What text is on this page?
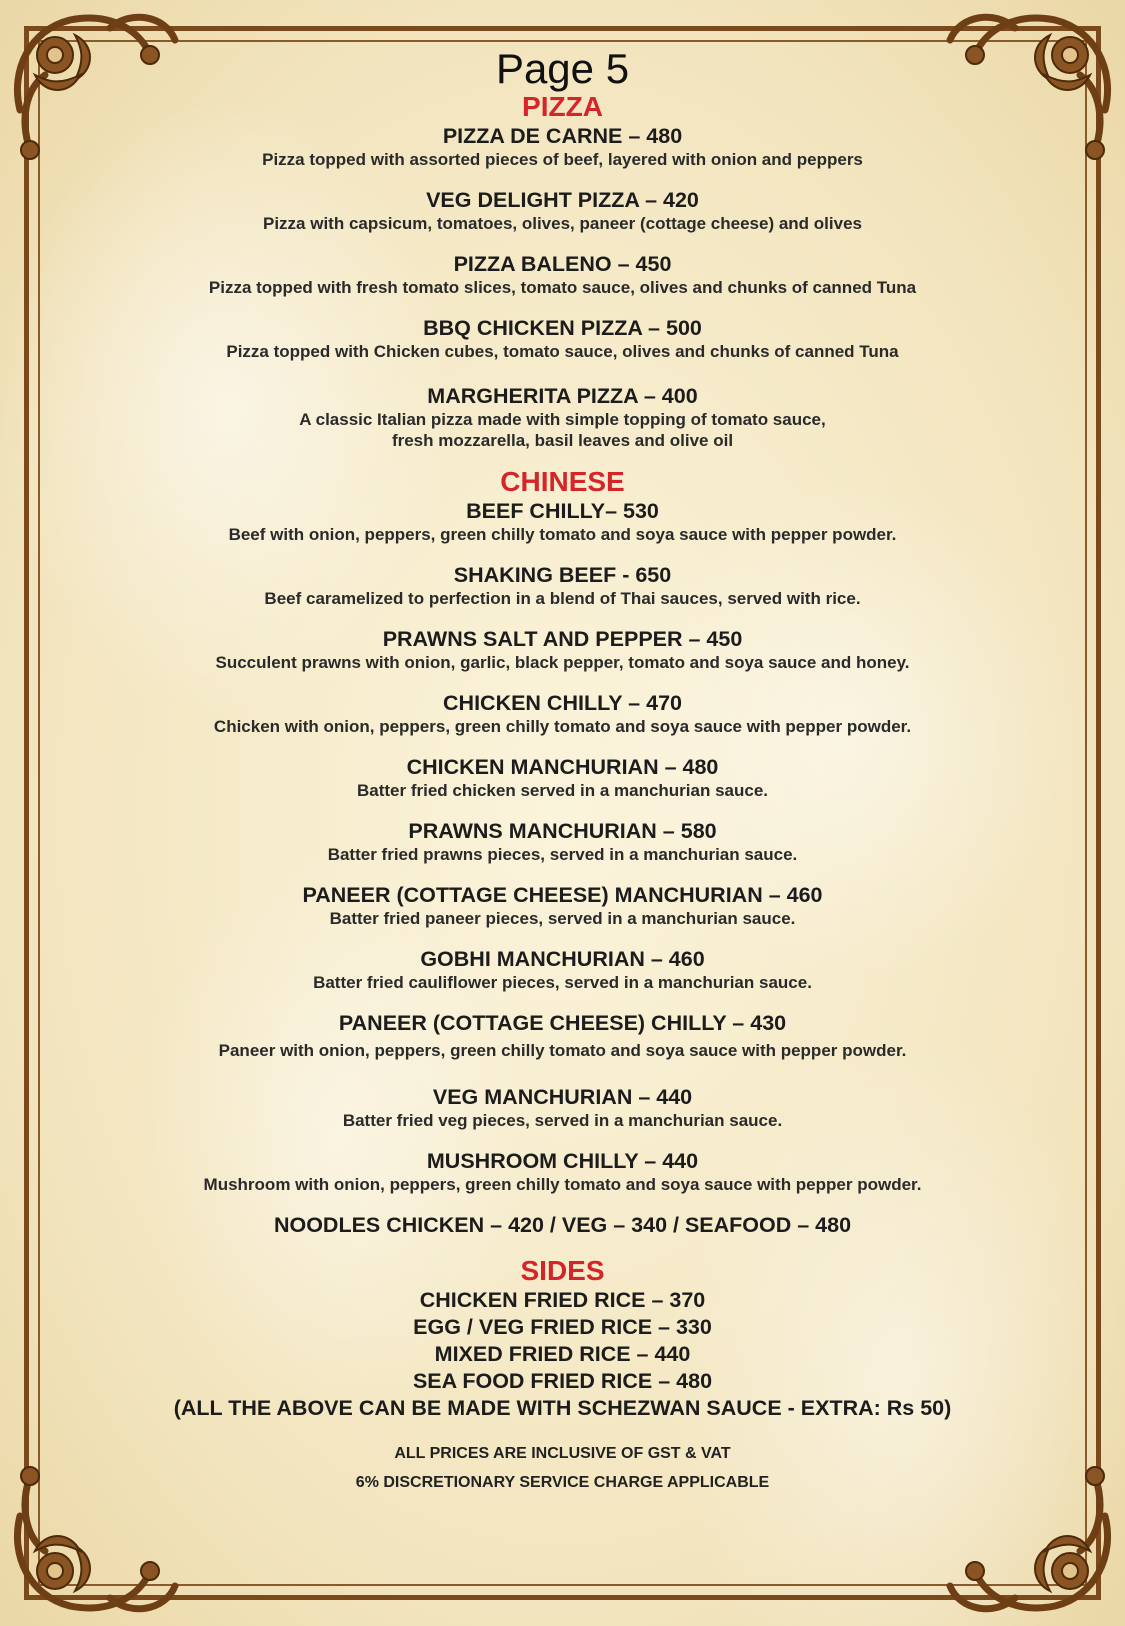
Page 5
PIZZA
PIZZA DE CARNE – 480
Pizza topped with assorted pieces of beef, layered with onion and peppers
VEG DELIGHT PIZZA – 420
Pizza with capsicum, tomatoes, olives, paneer (cottage cheese) and olives
PIZZA BALENO – 450
Pizza topped with fresh tomato slices, tomato sauce, olives and chunks of canned Tuna
BBQ CHICKEN PIZZA – 500
Pizza topped with Chicken cubes, tomato sauce, olives and chunks of canned Tuna
MARGHERITA PIZZA – 400
A classic Italian pizza made with simple topping of tomato sauce,
fresh mozzarella, basil leaves and olive oil
CHINESE
BEEF CHILLY– 530
Beef with onion, peppers, green chilly tomato and soya sauce with pepper powder.
SHAKING BEEF - 650
Beef caramelized to perfection in a blend of Thai sauces, served with rice.
PRAWNS SALT AND PEPPER – 450
Succulent prawns with onion, garlic, black pepper, tomato and soya sauce and honey.
CHICKEN CHILLY – 470
Chicken with onion, peppers, green chilly tomato and soya sauce with pepper powder.
CHICKEN MANCHURIAN – 480
Batter fried chicken served in a manchurian sauce.
PRAWNS MANCHURIAN – 580
Batter fried prawns pieces, served in a manchurian sauce.
PANEER (COTTAGE CHEESE) MANCHURIAN – 460
Batter fried paneer pieces, served in a manchurian sauce.
GOBHI MANCHURIAN – 460
Batter fried cauliflower pieces, served in a manchurian sauce.
PANEER (COTTAGE CHEESE) CHILLY – 430
Paneer with onion, peppers, green chilly tomato and soya sauce with pepper powder.
VEG MANCHURIAN – 440
Batter fried veg pieces, served in a manchurian sauce.
MUSHROOM CHILLY – 440
Mushroom with onion, peppers, green chilly tomato and soya sauce with pepper powder.
NOODLES CHICKEN – 420 / VEG – 340 / SEAFOOD – 480
SIDES
CHICKEN FRIED RICE – 370
EGG / VEG FRIED RICE – 330
MIXED FRIED RICE – 440
SEA FOOD FRIED RICE – 480
(ALL THE ABOVE CAN BE MADE WITH SCHEZWAN SAUCE - EXTRA: Rs 50)
ALL PRICES ARE INCLUSIVE OF GST & VAT
6% DISCRETIONARY SERVICE CHARGE APPLICABLE
